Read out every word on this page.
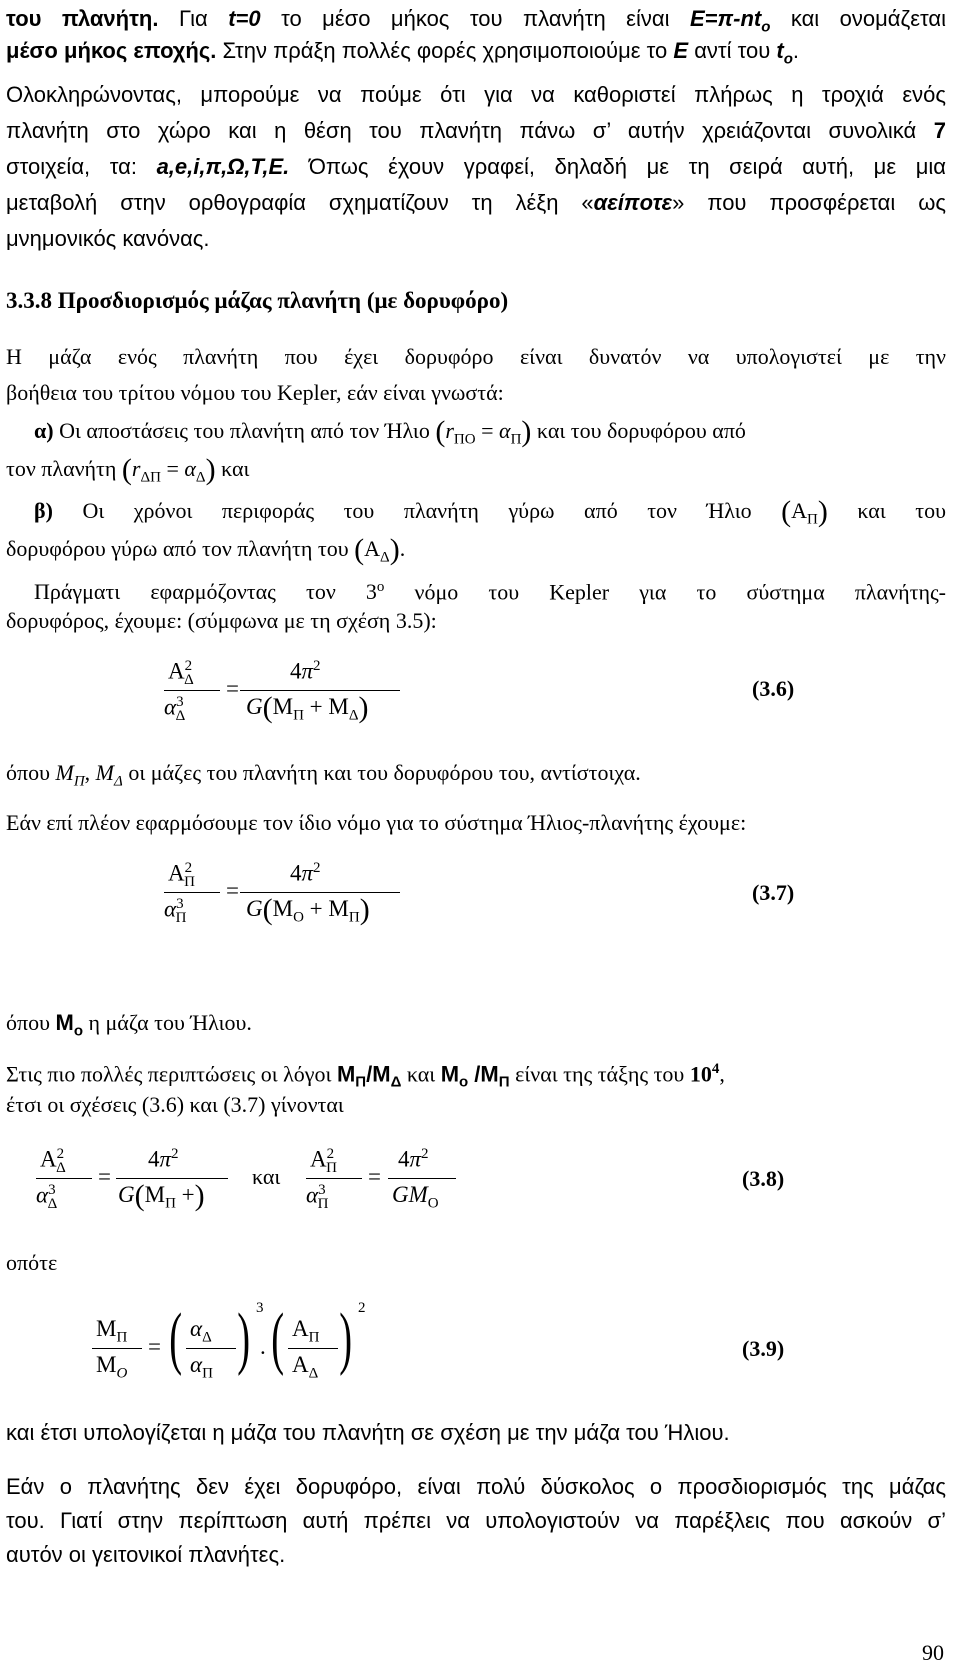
του πλανήτη. Για t=0 το μέσο μήκος του πλανήτη είναι $E=\pi-nt_o$ και ονομάζεται
μέσο μήκος εποχής. Στην πράξη πολλές φορές χρησιμοποιούμε το Ε αντί του $t_o$.
Ολοκληρώνοντας, μπορούμε να πούμε ότι για να καθοριστεί πλήρως η τροχιά ενός
πλανήτη στο χώρο και η θέση του πλανήτη πάνω σ’ αυτήν χρειάζονται συνολικά 7
στοιχεία, τα: a,e,i,π,Ω,T,E. Όπως έχουν γραφεί, δηλαδή με τη σειρά αυτή, με μια
μεταβολή στην ορθογραφία σχηματίζουν τη λέξη «αείποτε» που προσφέρεται ως
μνημονικός κανόνας.
3.3.8 Προσδιορισμός μάζας πλανήτη (με δορυφόρο)
Η μάζα ενός πλανήτη που έχει δορυφόρο είναι δυνατόν να υπολογιστεί με την
βοήθεια του τρίτου νόμου του Kepler, εάν είναι γνωστά:
α) Οι αποστάσεις του πλανήτη από τον Ήλιο $(r_{\Pi O} = \alpha_\Pi)$ και του δορυφόρου από
τον πλανήτη $(r_{\Delta\Pi} = \alpha_\Delta)$ και
β) Οι χρόνοι περιφοράς του πλανήτη γύρω από τον Ήλιο $(A_\Pi)$ και του
δορυφόρου γύρω από τον πλανήτη του $(A_\Delta)$.
Πράγματι εφαρμόζοντας τον $3^o$ νόμο του Kepler για το σύστημα πλανήτης-
δορυφόρος, έχουμε: (σύμφωνα με τη σχέση 3.5):
$A^2_\Delta$
$\alpha^3_\Delta$
=
$4\pi^2$
$G(M_\Pi + M_\Delta)$
(3.6)
όπου $M_\Pi$, $M_\Delta$ οι μάζες του πλανήτη και του δορυφόρου του, αντίστοιχα.
Εάν επί πλέον εφαρμόσουμε τον ίδιο νόμο για το σύστημα Ήλιος-πλανήτης έχουμε:
$A^2_\Pi$
$\alpha^3_\Pi$
=
$4\pi^2$
$G(M_O + M_\Pi)$
(3.7)
όπου $M_o$ η μάζα του Ήλιου.
Στις πιο πολλές περιπτώσεις οι λόγοι $M_\Pi/M_\Delta$ και $M_o$ $/M_\Pi$ είναι της τάξης του $10^4$,
έτσι οι σχέσεις (3.6) και (3.7) γίνονται
$A^2_\Delta$
$\alpha^3_\Delta$
=
$4\pi^2$
$G(M_\Pi$ +)
και
$A^2_\Pi$
$\alpha^3_\Pi$
=
$4\pi^2$
$GM_O$
(3.8)
οπότε
$M_\Pi$
$M_O$
= ( $\alpha_\Delta$
$\alpha_\Pi$ ) 3
. ( $A_\Pi$
$A_\Delta$ ) 2
(3.9)
και έτσι υπολογίζεται η μάζα του πλανήτη σε σχέση με την μάζα του Ήλιου.
Εάν ο πλανήτης δεν έχει δορυφόρο, είναι πολύ δύσκολος ο προσδιορισμός της μάζας
του. Γιατί στην περίπτωση αυτή πρέπει να υπολογιστούν να παρέξλεις που ασκούν σ’
αυτόν οι γειτονικοί πλανήτες.
90
